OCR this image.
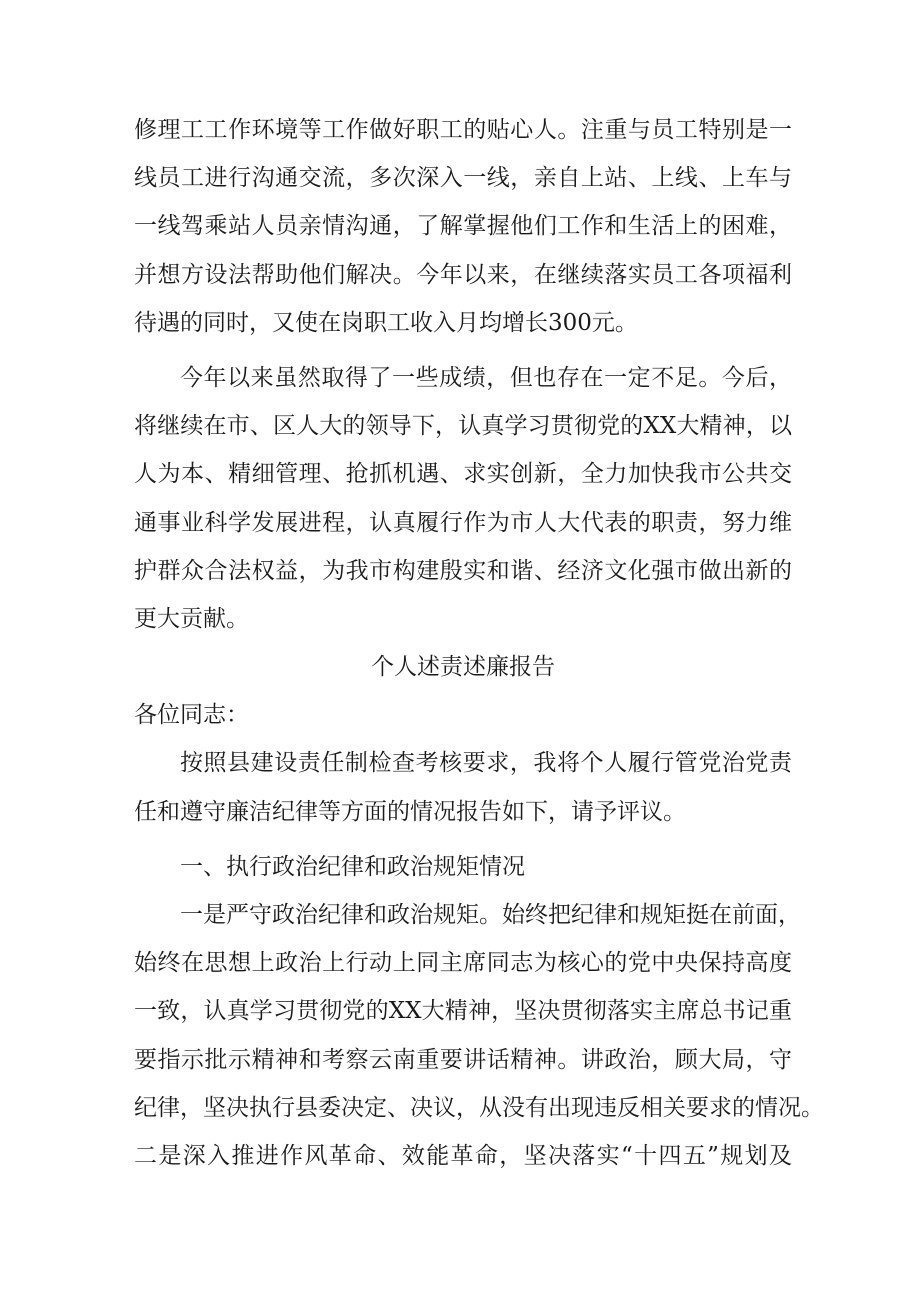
修理工工作环境等工作做好职工的贴心人。注重与员工特别是一
线员工进行沟通交流，多次深入一线，亲自上站、上线、上车与
一线驾乘站人员亲情沟通，了解掌握他们工作和生活上的困难，
并想方设法帮助他们解决。今年以来，在继续落实员工各项福利
待遇的同时，又使在岗职工收入月均增长300元。
今年以来虽然取得了一些成绩，但也存在一定不足。今后，
将继续在市、区人大的领导下，认真学习贯彻党的XX大精神，以
人为本、精细管理、抢抓机遇、求实创新，全力加快我市公共交
通事业科学发展进程，认真履行作为市人大代表的职责，努力维
护群众合法权益，为我市构建殷实和谐、经济文化强市做出新的
更大贡献。
个人述责述廉报告
各位同志：
按照县建设责任制检查考核要求，我将个人履行管党治党责
任和遵守廉洁纪律等方面的情况报告如下，请予评议。
一、执行政治纪律和政治规矩情况
一是严守政治纪律和政治规矩。始终把纪律和规矩挺在前面，
始终在思想上政治上行动上同主席同志为核心的党中央保持高度
一致，认真学习贯彻党的XX大精神，坚决贯彻落实主席总书记重
要指示批示精神和考察云南重要讲话精神。讲政治，顾大局，守
纪律，坚决执行县委决定、决议，从没有出现违反相关要求的情况。
二是深入推进作风革命、效能革命，坚决落实“十四五”规划及
